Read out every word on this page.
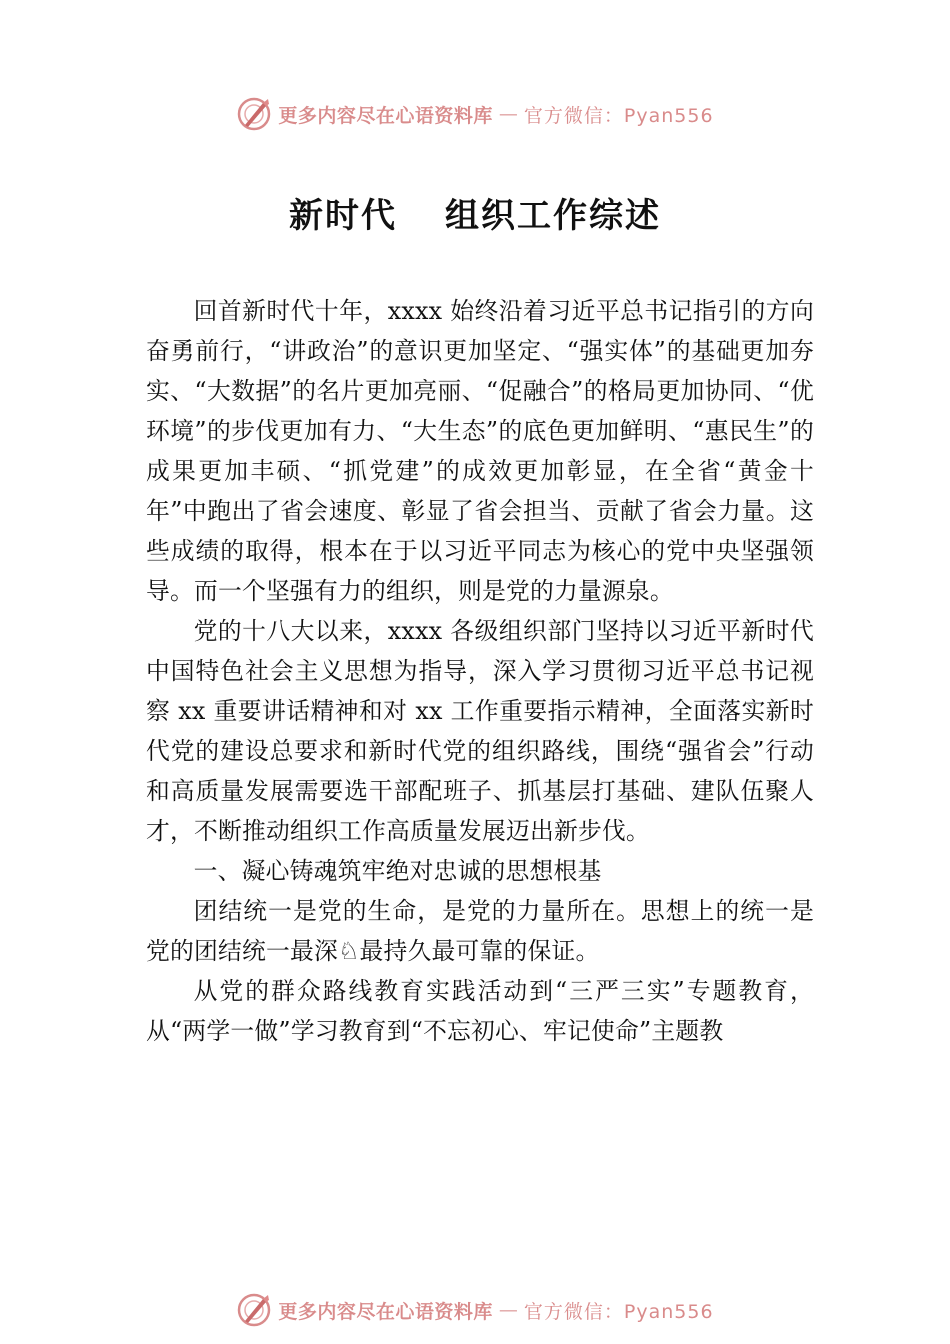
更多内容尽在心语资料库 — 官方微信：Pyan556
新时代 组织工作综述

回首新时代十年，xxxx 始终沿着习近平总书记指引的方向奋勇前行，“讲政治”的意识更加坚定、“强实体”的基础更加夯实、“大数据”的名片更加亮丽、“促融合”的格局更加协同、“优环境”的步伐更加有力、“大生态”的底色更加鲜明、“惠民生”的成果更加丰硕、“抓党建”的成效更加彰显，在全省“黄金十年”中跑出了省会速度、彰显了省会担当、贡献了省会力量。这些成绩的取得，根本在于以习近平同志为核心的党中央坚强领导。而一个坚强有力的组织，则是党的力量源泉。

党的十八大以来，xxxx 各级组织部门坚持以习近平新时代中国特色社会主义思想为指导，深入学习贯彻习近平总书记视察 xx 重要讲话精神和对 xx 工作重要指示精神，全面落实新时代党的建设总要求和新时代党的组织路线，围绕“强省会”行动和高质量发展需要选干部配班子、抓基层打基础、建队伍聚人才，不断推动组织工作高质量发展迈出新步伐。

一、凝心铸魂筑牢绝对忠诚的思想根基

团结统一是党的生命，是党的力量所在。思想上的统一是党的团结统一最深♘最持久最可靠的保证。

从党的群众路线教育实践活动到“三严三实”专题教育，从“两学一做”学习教育到“不忘初心、牢记使命”主题教

更多内容尽在心语资料库 — 官方微信：Pyan556
